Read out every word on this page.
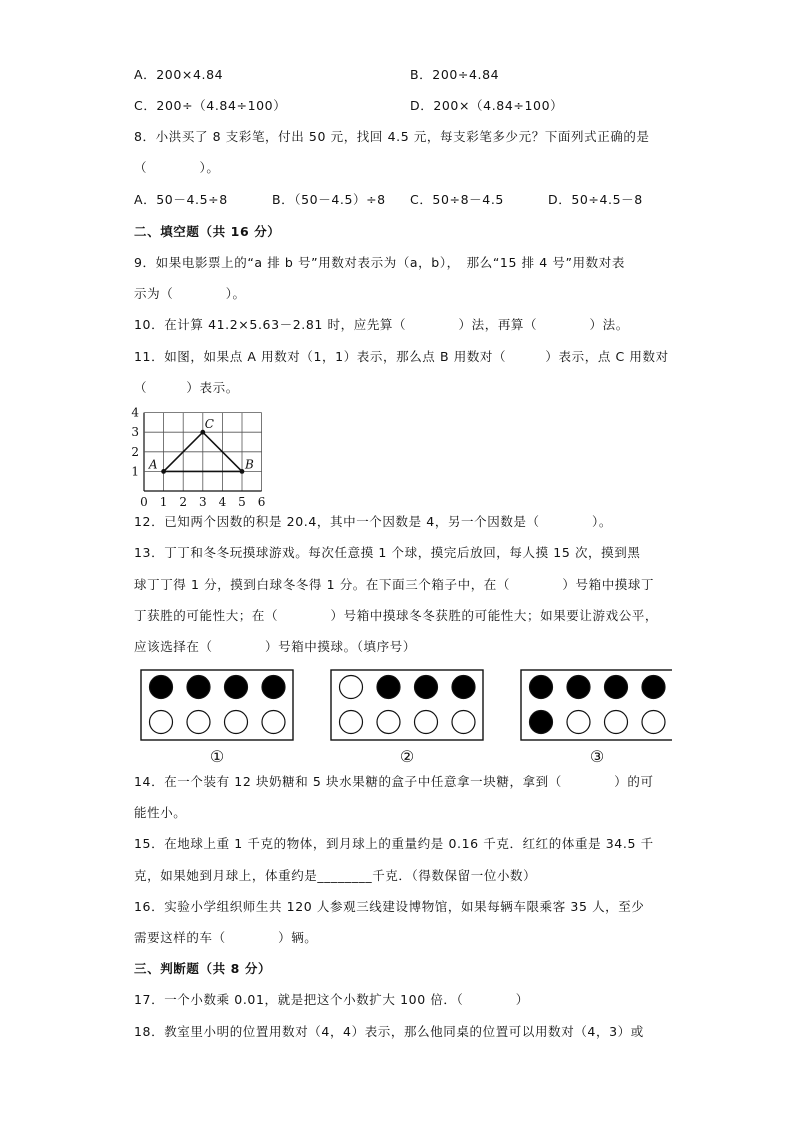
A．200×4.84	B．200÷4.84
C．200÷（4.84÷100）	D．200×（4.84÷100）
8．小洪买了 8 支彩笔，付出 50 元，找回 4.5 元，每支彩笔多少元？下面列式正确的是
（　　　　）。
A．50－4.5÷8	B．（50－4.5）÷8 C．50÷8－4.5	D．50÷4.5－8
二、填空题（共 16 分）
9．如果电影票上的“a 排 b 号”用数对表示为（a，b），　那么“15 排 4 号”用数对表
示为（　　　　）。
10．在计算 41.2×5.63－2.81 时，应先算（　　　　）法，再算（　　　　）法。
11．如图，如果点 A 用数对（1，1）表示，那么点 B 用数对（　　　）表示，点 C 用数对
（　　　）表示。
0 1 2 3 4 5 6
1
2
3
4
A	B
C
12．已知两个因数的积是 20.4，其中一个因数是 4，另一个因数是（　　　　）。
13．丁丁和冬冬玩摸球游戏。每次任意摸 1 个球，摸完后放回，每人摸 15 次，摸到黑
球丁丁得 1 分，摸到白球冬冬得 1 分。在下面三个箱子中，在（　　　　）号箱中摸球丁
丁获胜的可能性大；在（　　　　）号箱中摸球冬冬获胜的可能性大；如果要让游戏公平，
应该选择在（　　　　）号箱中摸球。（填序号）
①	②	③
14．在一个装有 12 块奶糖和 5 块水果糖的盒子中任意拿一块糖，拿到（　　　　）的可
能性小。
15．在地球上重 1 千克的物体，到月球上的重量约是 0.16 千克．红红的体重是 34.5 千
克，如果她到月球上，体重约是________千克．（得数保留一位小数）
16．实验小学组织师生共 120 人参观三线建设博物馆，如果每辆车限乘客 35 人，至少
需要这样的车（　　　　）辆。
三、判断题（共 8 分）
17．一个小数乘 0.01，就是把这个小数扩大 100 倍．（　　　　）
18．教室里小明的位置用数对（4，4）表示，那么他同桌的位置可以用数对（4，3）或
